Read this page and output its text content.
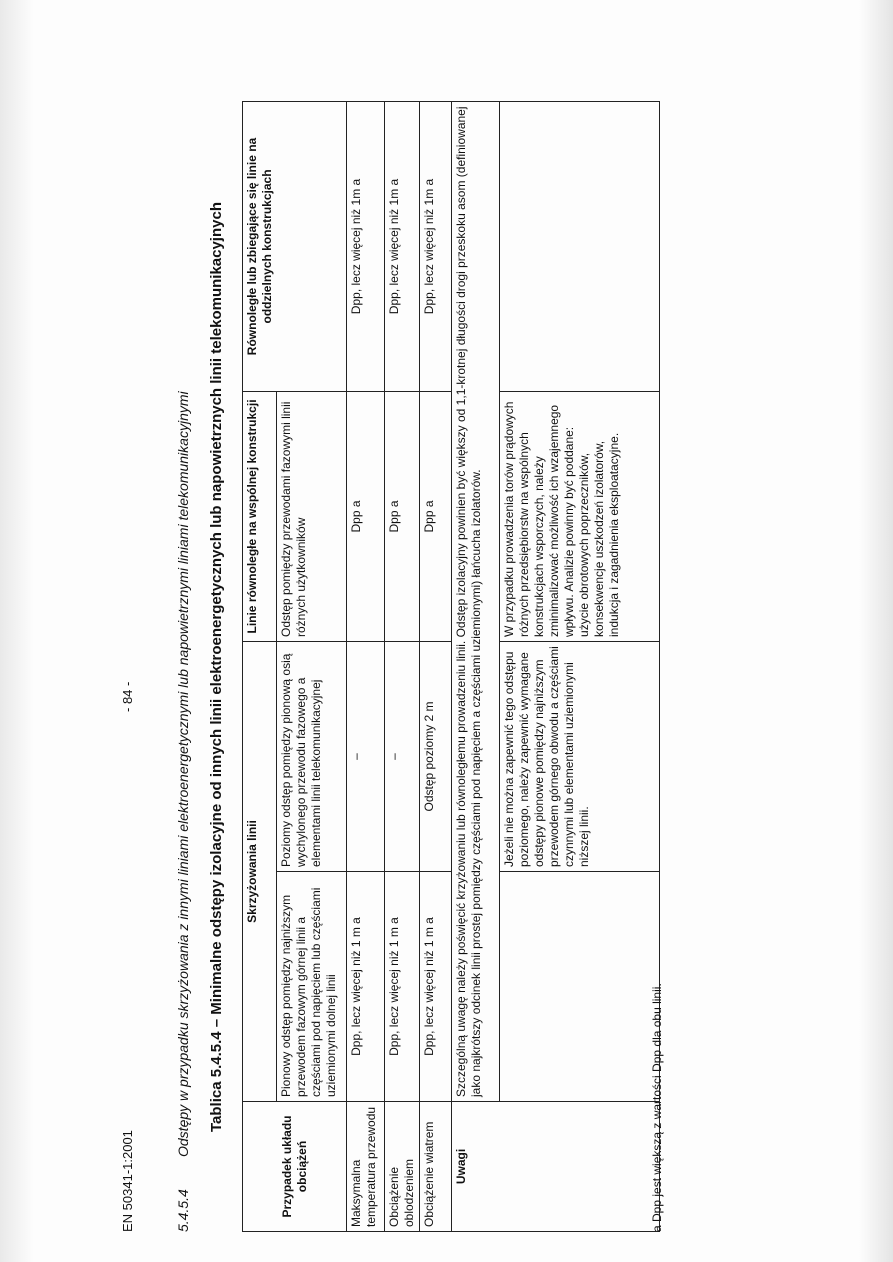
EN 50341-1:2001
- 84 -
5.4.5.4
Odstępy w przypadku skrzyżowania z innymi liniami elektroenergetycznymi lub napowietrznymi liniami telekomunikacyjnymi Tablica 5.4.5.4 – Minimalne odstępy izolacyjne od innych linii elektroenergetycznych lub napowietrznych linii telekomunikacyjnych
Przypadek układu obciążeń	Skrzyżowania linii		Linie równoległe na wspólnej konstrukcji	Równoległe lub zbiegające się linie na oddzielnych konstrukcjach
	Pionowy odstęp pomiędzy najniższym przewodem fazowym górnej linii a częściami pod napięciem lub częściami uziemionymi dolnej linii	Poziomy odstęp pomiędzy pionową osią wychylonego przewodu fazowego a elementami linii telekomunikacyjnej	Odstęp pomiędzy przewodami fazowymi linii różnych użytkowników	
Maksymalna temperatura przewodu	Dpp, lecz więcej niż 1 m a	–	Dpp a	Dpp, lecz więcej niż 1m a
Obciążenie oblodzeniem	Dpp, lecz więcej niż 1 m a	–	Dpp a	Dpp, lecz więcej niż 1m a
Obciążenie wiatrem	Dpp, lecz więcej niż 1 m a	Odstęp poziomy 2 m	Dpp a	Dpp, lecz więcej niż 1m a
Uwagi	Szczególną uwagę należy poświęcić krzyżowaniu lub równoległemu prowadzeniu linii. Odstęp izolacyjny powinien być większy od 1,1-krotnej długości drogi przeskoku asom (definiowanej jako najkrótszy odcinek linii prostej pomiędzy częściami pod napięciem a częściami uziemionymi) łańcucha izolatorów.			
		Jeżeli nie można zapewnić tego odstępu poziomego, należy zapewnić wymagane odstępy pionowe pomiędzy najniższym przewodem górnego obwodu a częściami czynnymi lub elementami uziemionymi niższej linii.	W przypadku prowadzenia torów prądowych różnych przedsiębiorstw na wspólnych konstrukcjach wsporczych, należy zminimalizować możliwość ich wzajemnego wpływu. Analizie powinny być poddane: użycie obrotowych poprzeczników, konsekwencje uszkodzeń izolatorów, indukcja i zagadnienia eksploatacyjne.	
a Dpp jest większą z wartości Dpp dla obu linii.
